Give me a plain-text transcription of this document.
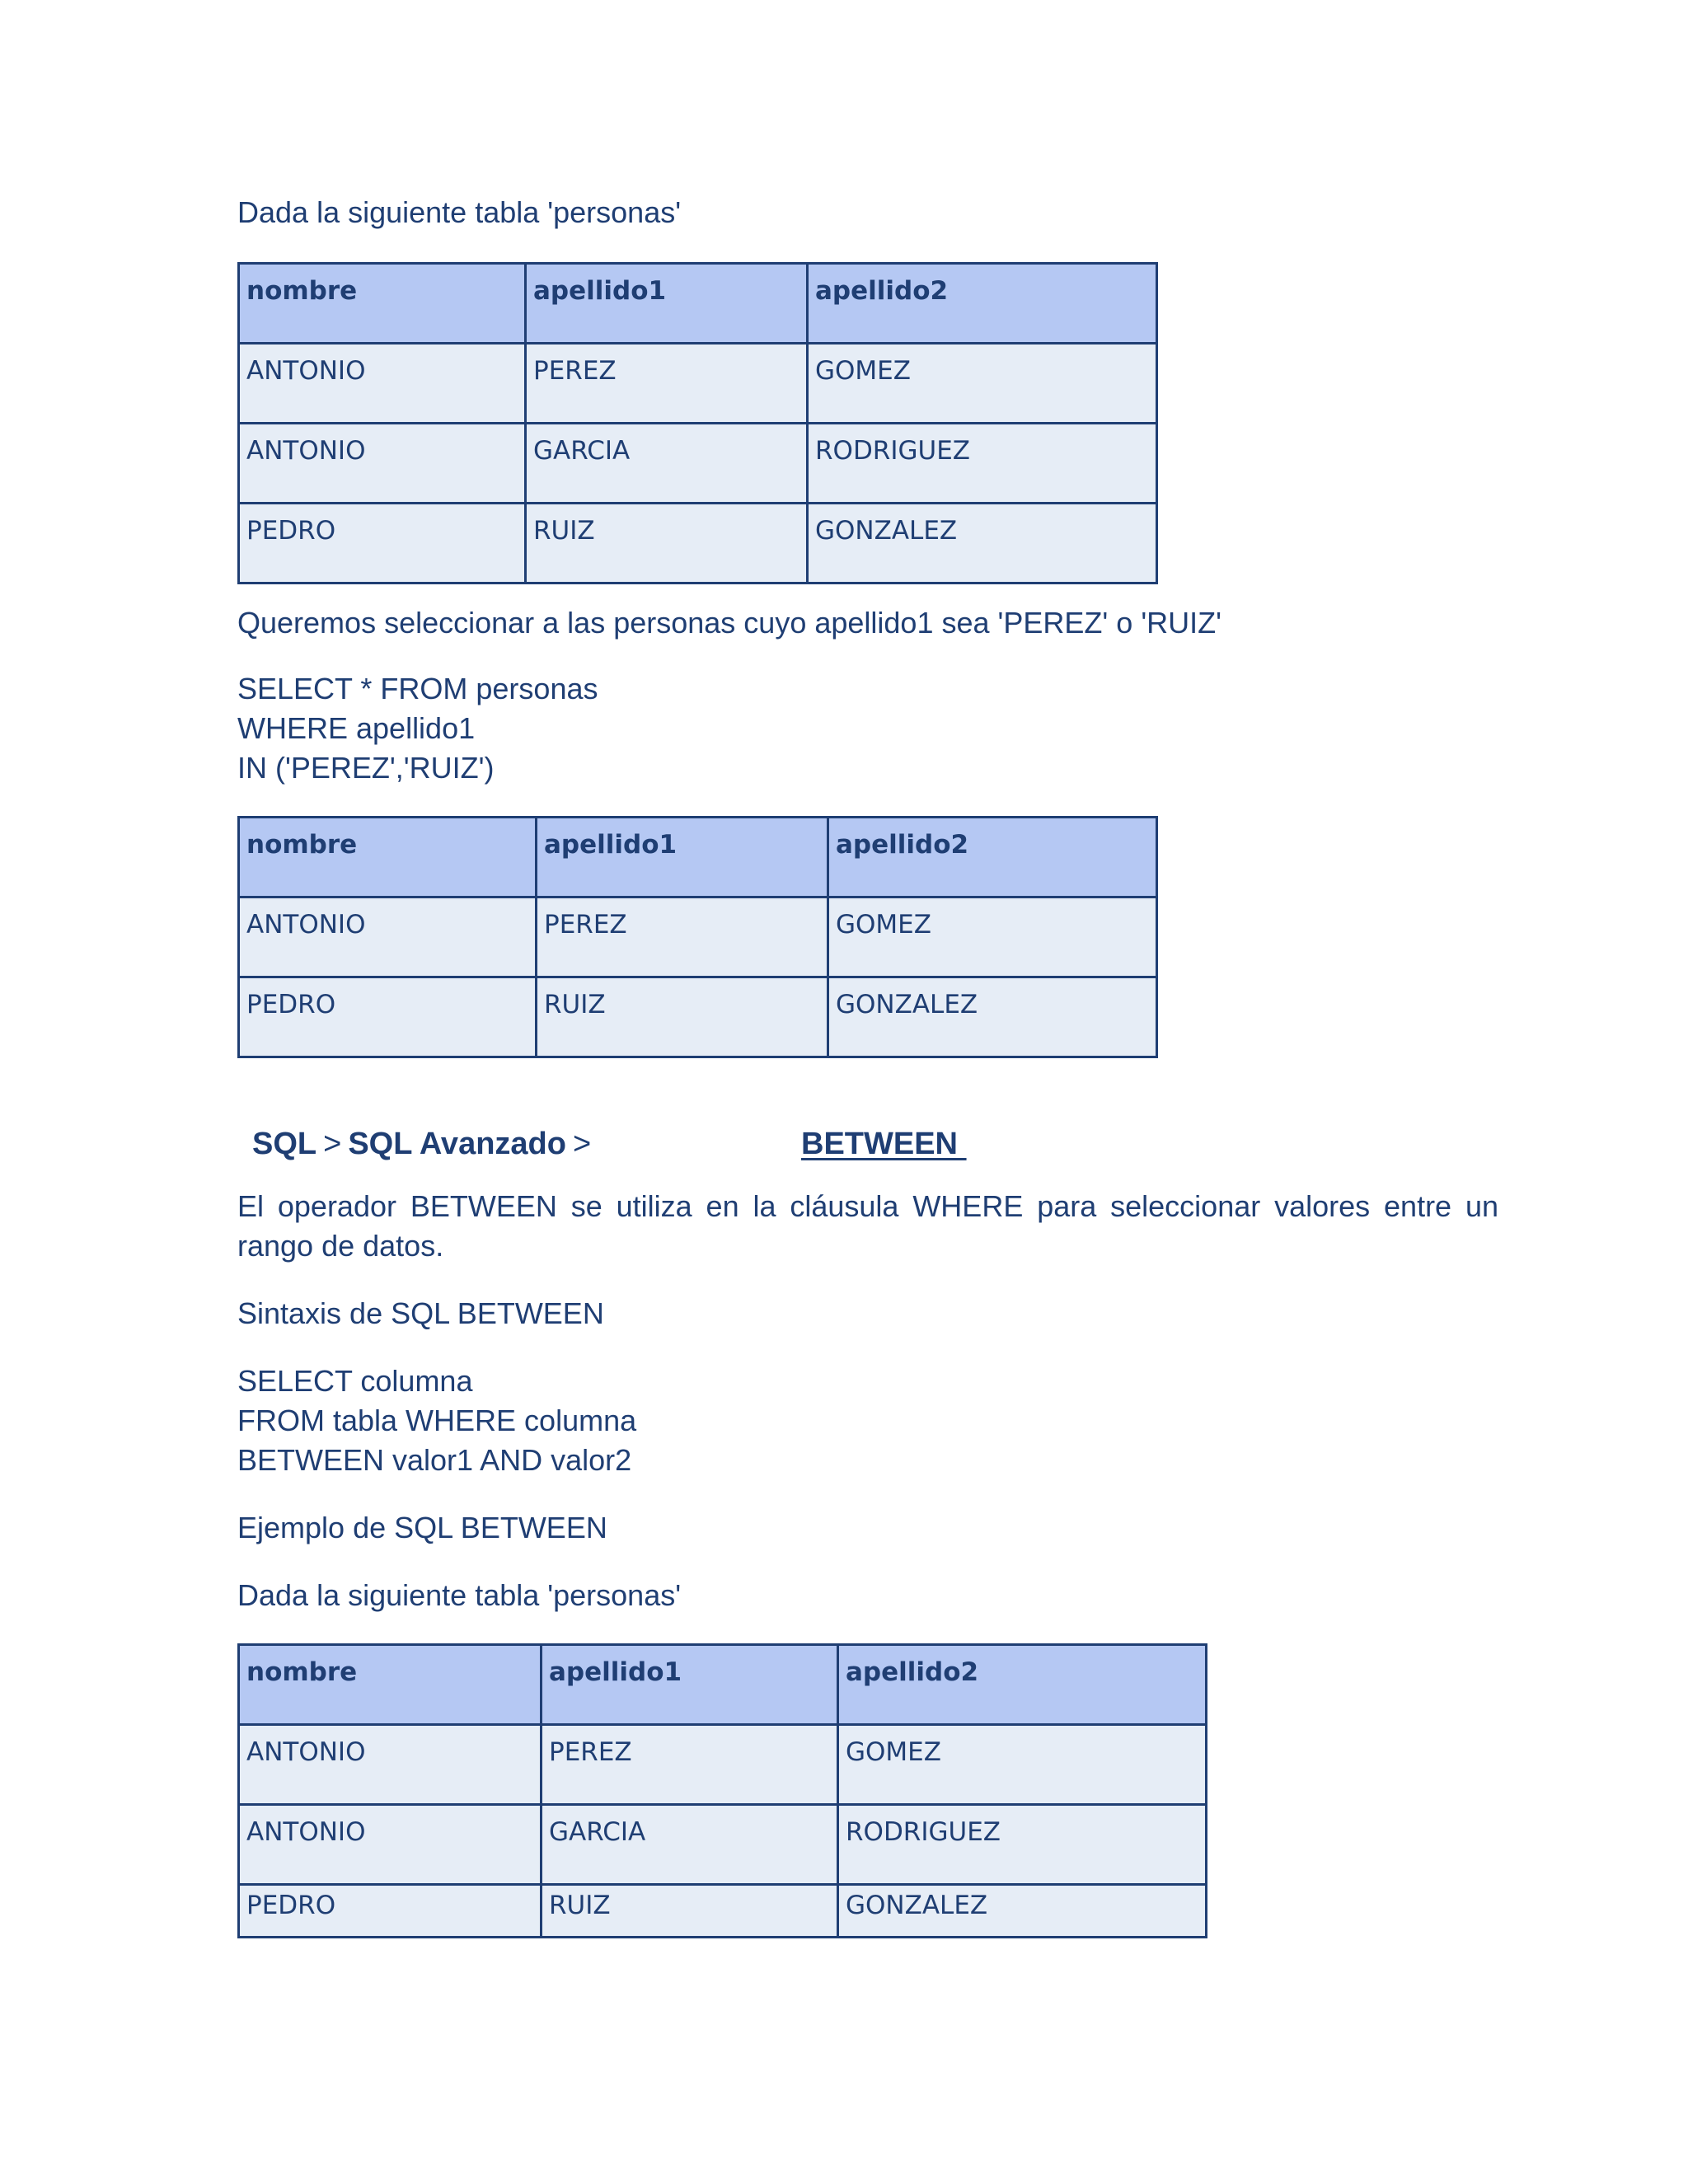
Dada la siguiente tabla 'personas'

nombre	apellido1	apellido2
ANTONIO	PEREZ	GOMEZ
ANTONIO	GARCIA	RODRIGUEZ
PEDRO	RUIZ	GONZALEZ

Queremos seleccionar a las personas cuyo apellido1 sea 'PEREZ' o 'RUIZ'

SELECT * FROM personas

WHERE apellido1

IN ('PEREZ','RUIZ')

nombre	apellido1	apellido2
ANTONIO	PEREZ	GOMEZ
PEDRO	RUIZ	GONZALEZ
SQL > SQL Avanzado >	BETWEEN

El operador BETWEEN se utiliza en la cláusula WHERE para seleccionar valores entre un
rango de datos.

Sintaxis de SQL BETWEEN

SELECT columna

FROM tabla WHERE columna

BETWEEN valor1 AND valor2

Ejemplo de SQL BETWEEN

Dada la siguiente tabla 'personas'

nombre	apellido1	apellido2
ANTONIO	PEREZ	GOMEZ
ANTONIO	GARCIA	RODRIGUEZ
PEDRO	RUIZ	GONZALEZ
